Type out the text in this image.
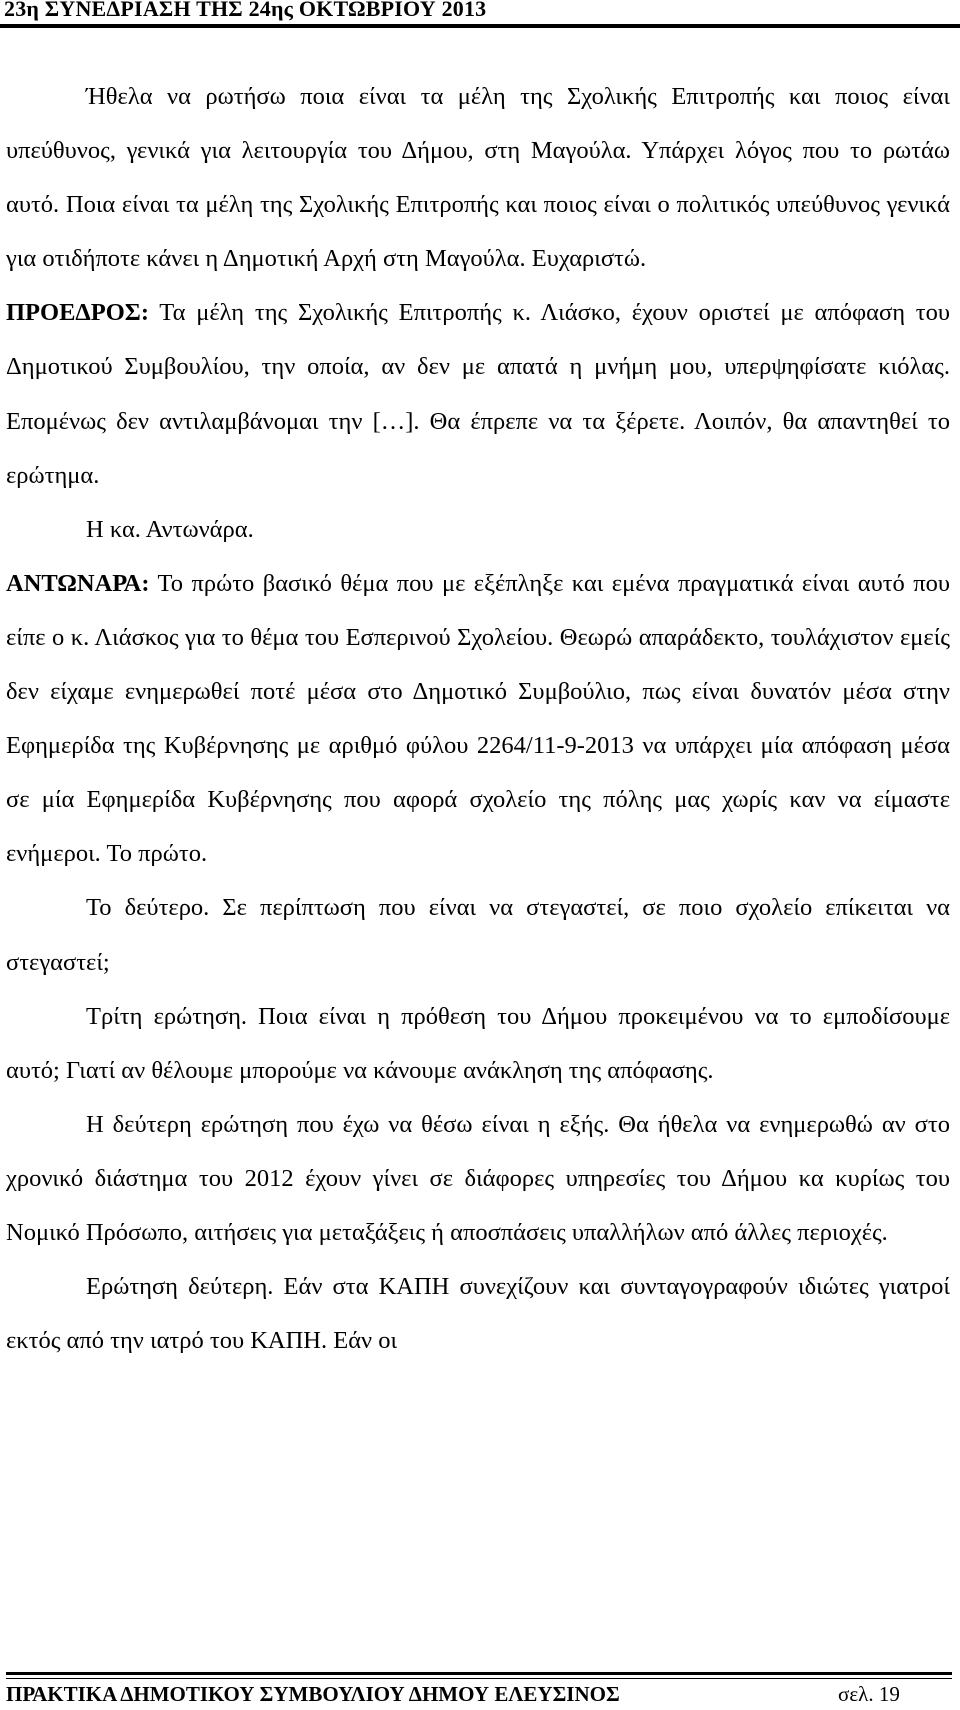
23η ΣΥΝΕΔΡΙΑΣΗ ΤΗΣ 24ης ΟΚΤΩΒΡΙΟΥ 2013

Ήθελα να ρωτήσω ποια είναι τα μέλη της Σχολικής Επιτροπής και ποιος είναι υπεύθυνος, γενικά για λειτουργία του Δήμου, στη Μαγούλα. Υπάρχει λόγος που το ρωτάω αυτό. Ποια είναι τα μέλη της Σχολικής Επιτροπής και ποιος είναι ο πολιτικός υπεύθυνος γενικά για οτιδήποτε κάνει η Δημοτική Αρχή στη Μαγούλα. Ευχαριστώ.

ΠΡΟΕΔΡΟΣ: Τα μέλη της Σχολικής Επιτροπής κ. Λιάσκο, έχουν οριστεί με απόφαση του Δημοτικού Συμβουλίου, την οποία, αν δεν με απατά η μνήμη μου, υπερψηφίσατε κιόλας. Επομένως δεν αντιλαμβάνομαι την […]. Θα έπρεπε να τα ξέρετε. Λοιπόν, θα απαντηθεί το ερώτημα.

Η κα. Αντωνάρα.

ΑΝΤΩΝΑΡΑ: Το πρώτο βασικό θέμα που με εξέπληξε και εμένα πραγματικά είναι αυτό που είπε ο κ. Λιάσκος για το θέμα του Εσπερινού Σχολείου. Θεωρώ απαράδεκτο, τουλάχιστον εμείς δεν είχαμε ενημερωθεί ποτέ μέσα στο Δημοτικό Συμβούλιο, πως είναι δυνατόν μέσα στην Εφημερίδα της Κυβέρνησης με αριθμό φύλου 2264/11-9-2013 να υπάρχει μία απόφαση μέσα σε μία Εφημερίδα Κυβέρνησης που αφορά σχολείο της πόλης μας χωρίς καν να είμαστε ενήμεροι. Το πρώτο.

Το δεύτερο. Σε περίπτωση που είναι να στεγαστεί, σε ποιο σχολείο επίκειται να στεγαστεί;

Τρίτη ερώτηση. Ποια είναι η πρόθεση του Δήμου προκειμένου να το εμποδίσουμε αυτό; Γιατί αν θέλουμε μπορούμε να κάνουμε ανάκληση της απόφασης.

Η δεύτερη ερώτηση που έχω να θέσω είναι η εξής. Θα ήθελα να ενημερωθώ αν στο χρονικό διάστημα του 2012 έχουν γίνει σε διάφορες υπηρεσίες του Δήμου κα κυρίως του Νομικό Πρόσωπο, αιτήσεις για μεταξάξεις ή αποσπάσεις υπαλλήλων από άλλες περιοχές.

Ερώτηση δεύτερη. Εάν στα ΚΑΠΗ συνεχίζουν και συνταγογραφούν ιδιώτες γιατροί εκτός από την ιατρό του ΚΑΠΗ. Εάν οι

ΠΡΑΚΤΙΚΑ ΔΗΜΟΤΙΚΟΥ ΣΥΜΒΟΥΛΙΟΥ ΔΗΜΟΥ ΕΛΕΥΣΙΝΟΣ	σελ. 19
